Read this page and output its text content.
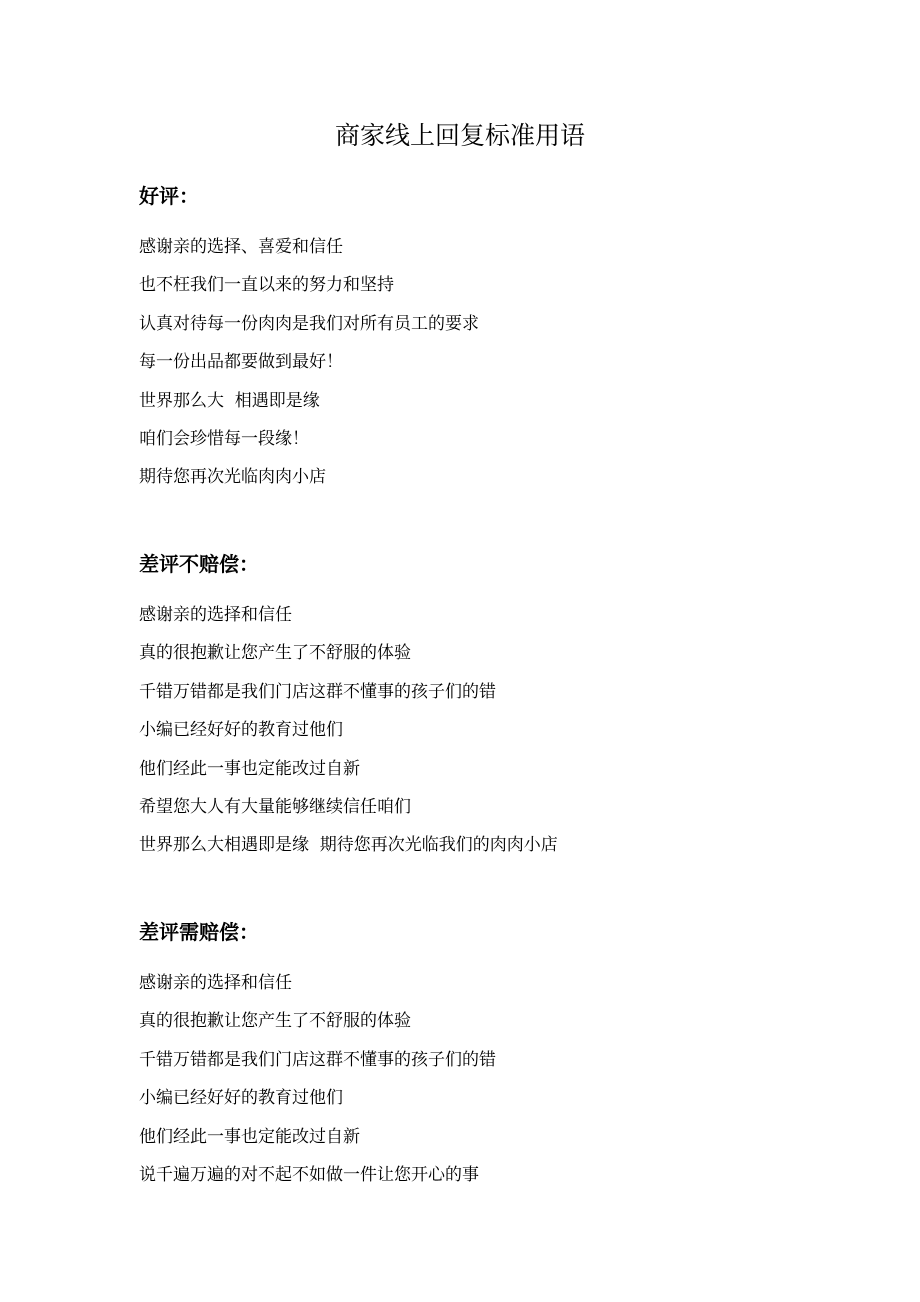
商家线上回复标准用语
好评：
感谢亲的选择、喜爱和信任
也不枉我们一直以来的努力和坚持
认真对待每一份肉肉是我们对所有员工的要求
每一份出品都要做到最好！
世界那么大  相遇即是缘
咱们会珍惜每一段缘！
期待您再次光临肉肉小店
差评不赔偿：
感谢亲的选择和信任
真的很抱歉让您产生了不舒服的体验
千错万错都是我们门店这群不懂事的孩子们的错
小编已经好好的教育过他们
他们经此一事也定能改过自新
希望您大人有大量能够继续信任咱们
世界那么大相遇即是缘  期待您再次光临我们的肉肉小店
差评需赔偿：
感谢亲的选择和信任
真的很抱歉让您产生了不舒服的体验
千错万错都是我们门店这群不懂事的孩子们的错
小编已经好好的教育过他们
他们经此一事也定能改过自新
说千遍万遍的对不起不如做一件让您开心的事
